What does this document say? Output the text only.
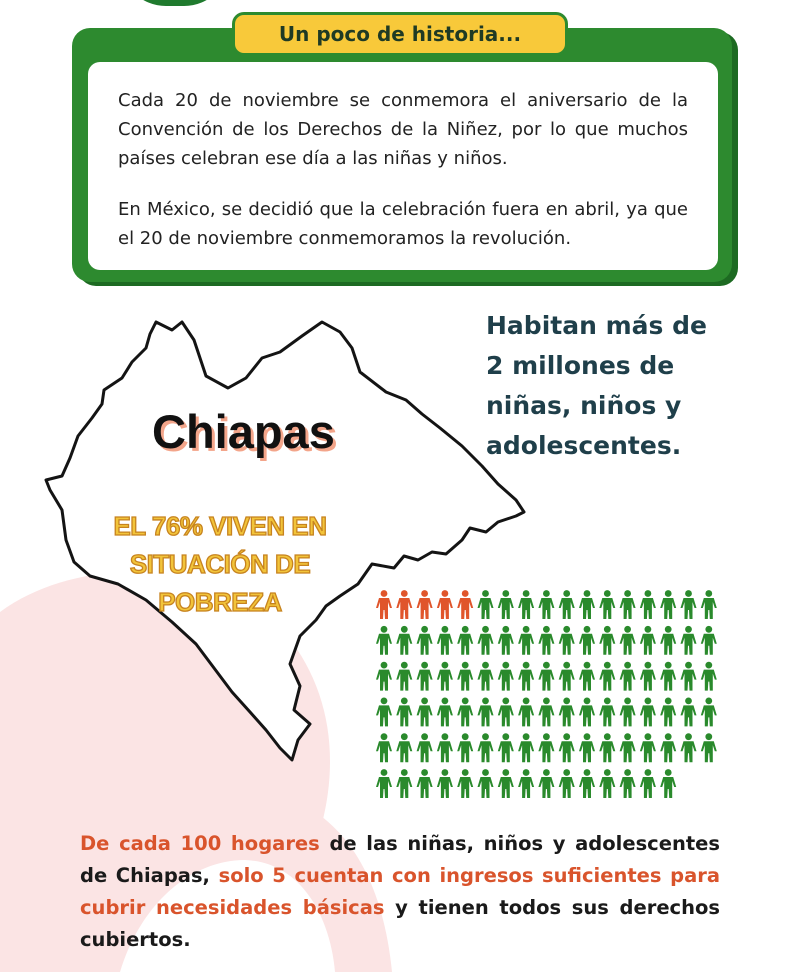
Cada 20 de noviembre se conmemora el aniversario de la Convención de los Derechos de la Niñez, por lo que muchos países celebran ese día a las niñas y niños.

En México, se decidió que la celebración fuera en abril, ya que el 20 de noviembre conmemoramos la revolución.

Un poco de historia...
Chiapas
EL 76% VIVEN EN
SITUACIÓN DE
POBREZA
Habitan más de
2 millones de
niñas, niños y
adolescentes.
De cada 100 hogares de las niñas, niños y adolescentes de Chiapas, solo 5 cuentan con ingresos suficientes para cubrir necesidades básicas y tienen todos sus derechos cubiertos.
